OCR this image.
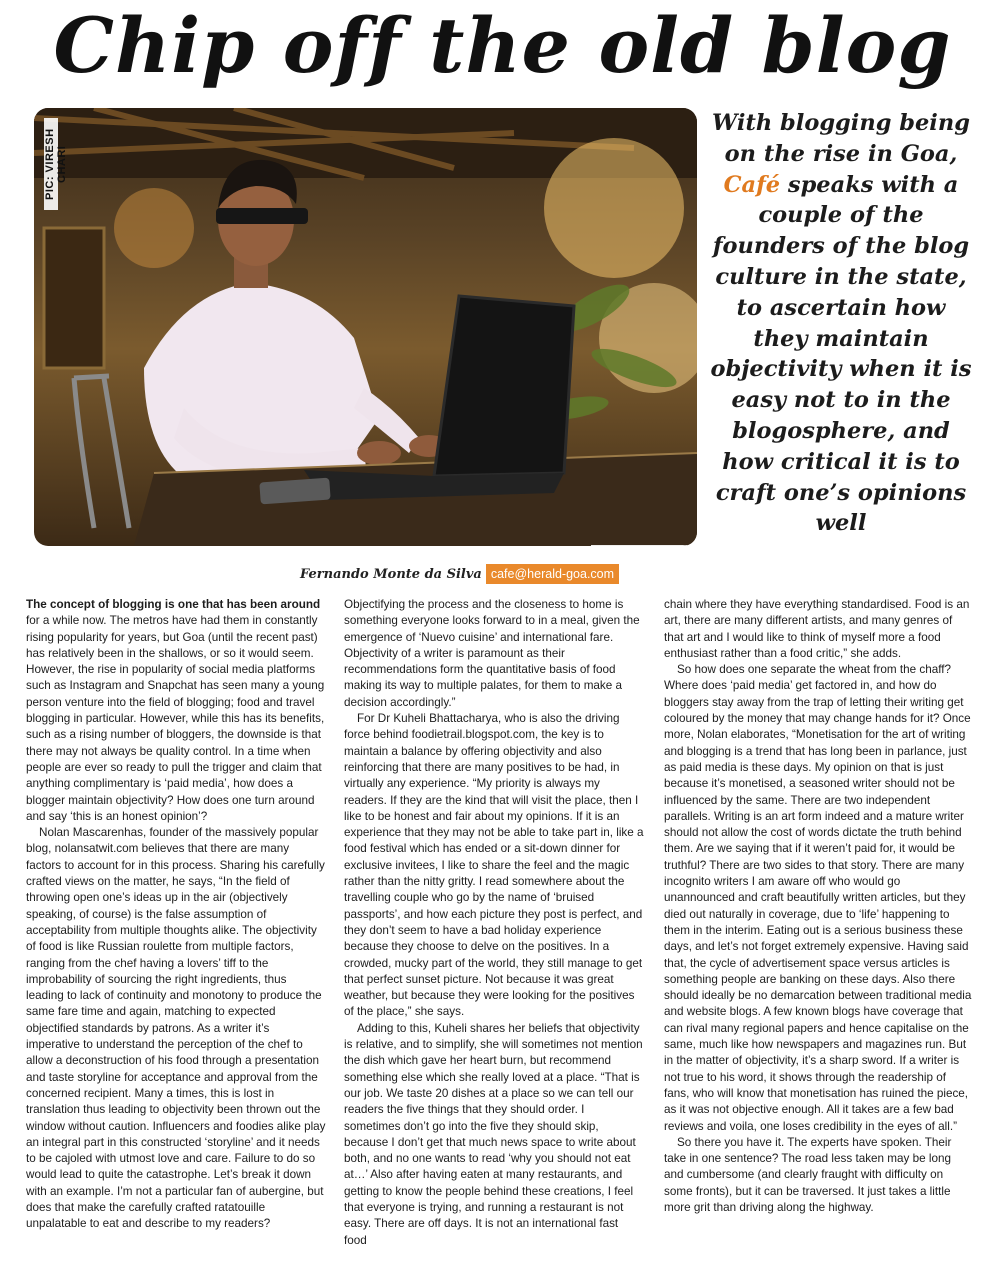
Chip off the old blog
PIC: VIRESH CHARI
With blogging being on the rise in Goa, Café speaks with a couple of the founders of the blog culture in the state, to ascertain how they maintain objectivity when it is easy not to in the blogosphere, and how critical it is to craft one’s opinions well
Fernando Monte da Silva cafe@herald-goa.com

The concept of blogging is one that has been around for a while now. The metros have had them in constantly rising popularity for years, but Goa (until the recent past) has relatively been in the shallows, or so it would seem. However, the rise in popularity of social media platforms such as Instagram and Snapchat has seen many a young person venture into the field of blogging; food and travel blogging in particular. However, while this has its benefits, such as a rising number of bloggers, the downside is that there may not always be quality control. In a time when people are ever so ready to pull the trigger and claim that anything complimentary is ‘paid media’, how does a blogger maintain objectivity? How does one turn around and say ‘this is an honest opinion’?

Nolan Mascarenhas, founder of the massively popular blog, nolansatwit.com believes that there are many factors to account for in this process. Sharing his carefully crafted views on the matter, he says, “In the field of throwing open one’s ideas up in the air (objectively speaking, of course) is the false assumption of acceptability from multiple thoughts alike. The objectivity of food is like Russian roulette from multiple factors, ranging from the chef having a lovers’ tiff to the improbability of sourcing the right ingredients, thus leading to lack of continuity and monotony to produce the same fare time and again, matching to expected objectified standards by patrons. As a writer it’s imperative to understand the perception of the chef to allow a deconstruction of his food through a presentation and taste storyline for acceptance and approval from the concerned recipient. Many a times, this is lost in translation thus leading to objectivity been thrown out the window without caution. Influencers and foodies alike play an integral part in this constructed ‘storyline’ and it needs to be cajoled with utmost love and care. Failure to do so would lead to quite the catastrophe. Let’s break it down with an example. I’m not a particular fan of aubergine, but does that make the carefully crafted ratatouille unpalatable to eat and describe to my readers?

Objectifying the process and the closeness to home is something everyone looks forward to in a meal, given the emergence of ‘Nuevo cuisine’ and international fare. Objectivity of a writer is paramount as their recommendations form the quantitative basis of food making its way to multiple palates, for them to make a decision accordingly.”

For Dr Kuheli Bhattacharya, who is also the driving force behind foodietrail.blogspot.com, the key is to maintain a balance by offering objectivity and also reinforcing that there are many positives to be had, in virtually any experience. “My priority is always my readers. If they are the kind that will visit the place, then I like to be honest and fair about my opinions. If it is an experience that they may not be able to take part in, like a food festival which has ended or a sit-down dinner for exclusive invitees, I like to share the feel and the magic rather than the nitty gritty. I read somewhere about the travelling couple who go by the name of ‘bruised passports’, and how each picture they post is perfect, and they don’t seem to have a bad holiday experience because they choose to delve on the positives. In a crowded, mucky part of the world, they still manage to get that perfect sunset picture. Not because it was great weather, but because they were looking for the positives of the place,” she says.

Adding to this, Kuheli shares her beliefs that objectivity is relative, and to simplify, she will sometimes not mention the dish which gave her heart burn, but recommend something else which she really loved at a place. “That is our job. We taste 20 dishes at a place so we can tell our readers the five things that they should order. I sometimes don’t go into the five they should skip, because I don’t get that much news space to write about both, and no one wants to read ‘why you should not eat at…’ Also after having eaten at many restaurants, and getting to know the people behind these creations, I feel that everyone is trying, and running a restaurant is not easy. There are off days. It is not an international fast food

chain where they have everything standardised. Food is an art, there are many different artists, and many genres of that art and I would like to think of myself more a food enthusiast rather than a food critic,” she adds.

So how does one separate the wheat from the chaff? Where does ‘paid media’ get factored in, and how do bloggers stay away from the trap of letting their writing get coloured by the money that may change hands for it? Once more, Nolan elaborates, “Monetisation for the art of writing and blogging is a trend that has long been in parlance, just as paid media is these days. My opinion on that is just because it’s monetised, a seasoned writer should not be influenced by the same. There are two independent parallels. Writing is an art form indeed and a mature writer should not allow the cost of words dictate the truth behind them. Are we saying that if it weren’t paid for, it would be truthful? There are two sides to that story. There are many incognito writers I am aware off who would go unannounced and craft beautifully written articles, but they died out naturally in coverage, due to ‘life’ happening to them in the interim. Eating out is a serious business these days, and let’s not forget extremely expensive. Having said that, the cycle of advertisement space versus articles is something people are banking on these days. Also there should ideally be no demarcation between traditional media and website blogs. A few known blogs have coverage that can rival many regional papers and hence capitalise on the same, much like how newspapers and magazines run. But in the matter of objectivity, it’s a sharp sword. If a writer is not true to his word, it shows through the readership of fans, who will know that monetisation has ruined the piece, as it was not objective enough. All it takes are a few bad reviews and voila, one loses credibility in the eyes of all.”

So there you have it. The experts have spoken. Their take in one sentence? The road less taken may be long and cumbersome (and clearly fraught with difficulty on some fronts), but it can be traversed. It just takes a little more grit than driving along the highway.
